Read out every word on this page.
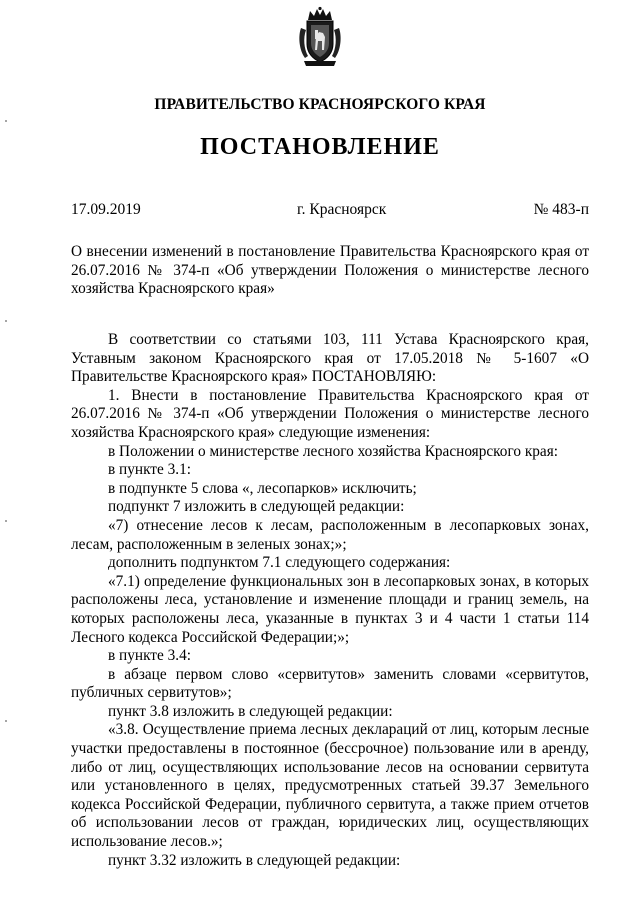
ПРАВИТЕЛЬСТВО КРАСНОЯРСКОГО КРАЯ
ПОСТАНОВЛЕНИЕ
17.09.2019	г. Красноярск	№ 483-п
О внесении изменений в постановление Правительства Красноярского края от 26.07.2016 № 374-п «Об утверждении Положения о министерстве лесного хозяйства Красноярского края»

В соответствии со статьями 103, 111 Устава Красноярского края, Уставным законом Красноярского края от 17.05.2018 № 5-1607 «О Правительстве Красноярского края» ПОСТАНОВЛЯЮ:

1. Внести в постановление Правительства Красноярского края от 26.07.2016 № 374-п «Об утверждении Положения о министерстве лесного хозяйства Красноярского края» следующие изменения:

в Положении о министерстве лесного хозяйства Красноярского края:

в пункте 3.1:

в подпункте 5 слова «, лесопарков» исключить;

подпункт 7 изложить в следующей редакции:

«7) отнесение лесов к лесам, расположенным в лесопарковых зонах, лесам, расположенным в зеленых зонах;»;

дополнить подпунктом 7.1 следующего содержания:

«7.1) определение функциональных зон в лесопарковых зонах, в которых расположены леса, установление и изменение площади и границ земель, на которых расположены леса, указанные в пунктах 3 и 4 части 1 статьи 114 Лесного кодекса Российской Федерации;»;

в пункте 3.4:

в абзаце первом слово «сервитутов» заменить словами «сервитутов, публичных сервитутов»;

пункт 3.8 изложить в следующей редакции:

«3.8. Осуществление приема лесных деклараций от лиц, которым лесные участки предоставлены в постоянное (бессрочное) пользование или в аренду, либо от лиц, осуществляющих использование лесов на основании сервитута или установленного в целях, предусмотренных статьей 39.37 Земельного кодекса Российской Федерации, публичного сервитута, а также прием отчетов об использовании лесов от граждан, юридических лиц, осуществляющих использование лесов.»;

пункт 3.32 изложить в следующей редакции:
